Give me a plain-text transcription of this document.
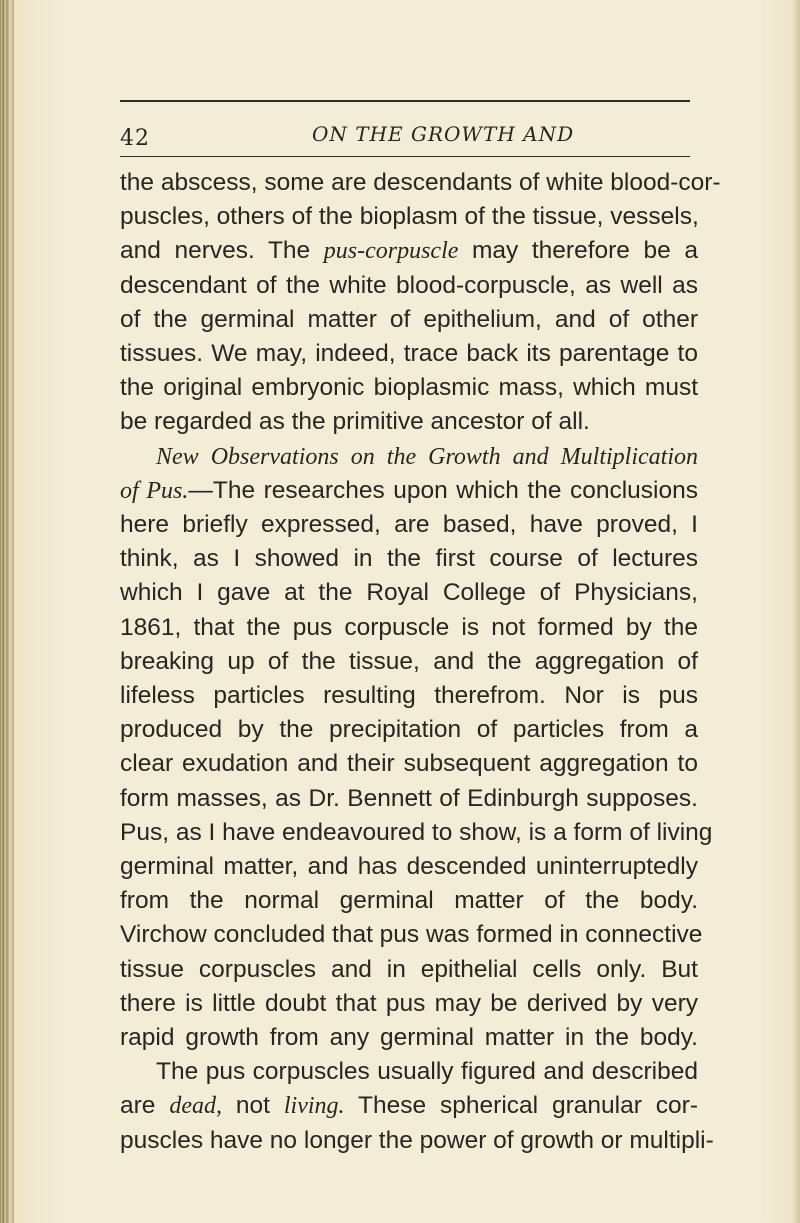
42	ON THE GROWTH AND
the abscess, some are descendants of white blood-cor-
puscles, others of the bioplasm of the tissue, vessels,
and nerves. The pus-corpuscle may therefore be a
descendant of the white blood-corpuscle, as well as
of the germinal matter of epithelium, and of other
tissues. We may, indeed, trace back its parentage to
the original embryonic bioplasmic mass, which must
be regarded as the primitive ancestor of all.
New Observations on the Growth and Multiplication
of Pus.—The researches upon which the conclusions
here briefly expressed, are based, have proved, I
think, as I showed in the first course of lectures
which I gave at the Royal College of Physicians,
1861, that the pus corpuscle is not formed by the
breaking up of the tissue, and the aggregation of
lifeless particles resulting therefrom. Nor is pus
produced by the precipitation of particles from a
clear exudation and their subsequent aggregation to
form masses, as Dr. Bennett of Edinburgh supposes.
Pus, as I have endeavoured to show, is a form of living
germinal matter, and has descended uninterruptedly
from the normal germinal matter of the body.
Virchow concluded that pus was formed in connective
tissue corpuscles and in epithelial cells only. But
there is little doubt that pus may be derived by very
rapid growth from any germinal matter in the body.
The pus corpuscles usually figured and described
are dead, not living. These spherical granular cor-
puscles have no longer the power of growth or multipli-
